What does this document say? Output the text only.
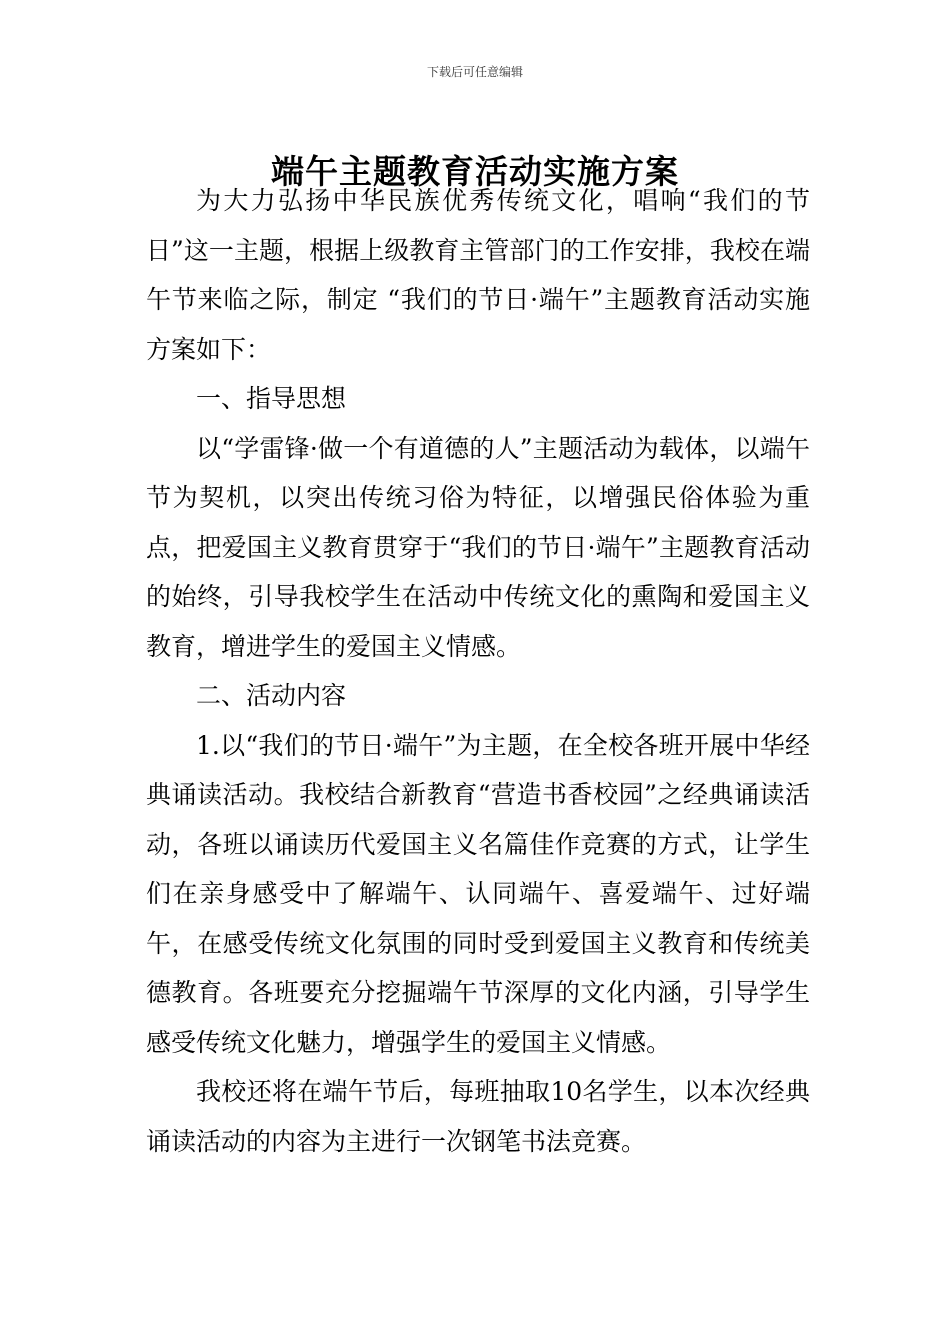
下载后可任意编辑
端午主题教育活动实施方案

为大力弘扬中华民族优秀传统文化，唱响“我们的节日”这一主题，根据上级教育主管部门的工作安排，我校在端午节来临之际，制定 “我们的节日·端午”主题教育活动实施方案如下：

一、指导思想

以“学雷锋·做一个有道德的人”主题活动为载体，以端午节为契机，以突出传统习俗为特征，以增强民俗体验为重点，把爱国主义教育贯穿于“我们的节日·端午”主题教育活动的始终，引导我校学生在活动中传统文化的熏陶和爱国主义教育，增进学生的爱国主义情感。

二、活动内容

1.以“我们的节日·端午”为主题，在全校各班开展中华经典诵读活动。我校结合新教育“营造书香校园”之经典诵读活动，各班以诵读历代爱国主义名篇佳作竞赛的方式，让学生们在亲身感受中了解端午、认同端午、喜爱端午、过好端午，在感受传统文化氛围的同时受到爱国主义教育和传统美德教育。各班要充分挖掘端午节深厚的文化内涵，引导学生感受传统文化魅力，增强学生的爱国主义情感。

我校还将在端午节后，每班抽取10名学生，以本次经典诵读活动的内容为主进行一次钢笔书法竞赛。
